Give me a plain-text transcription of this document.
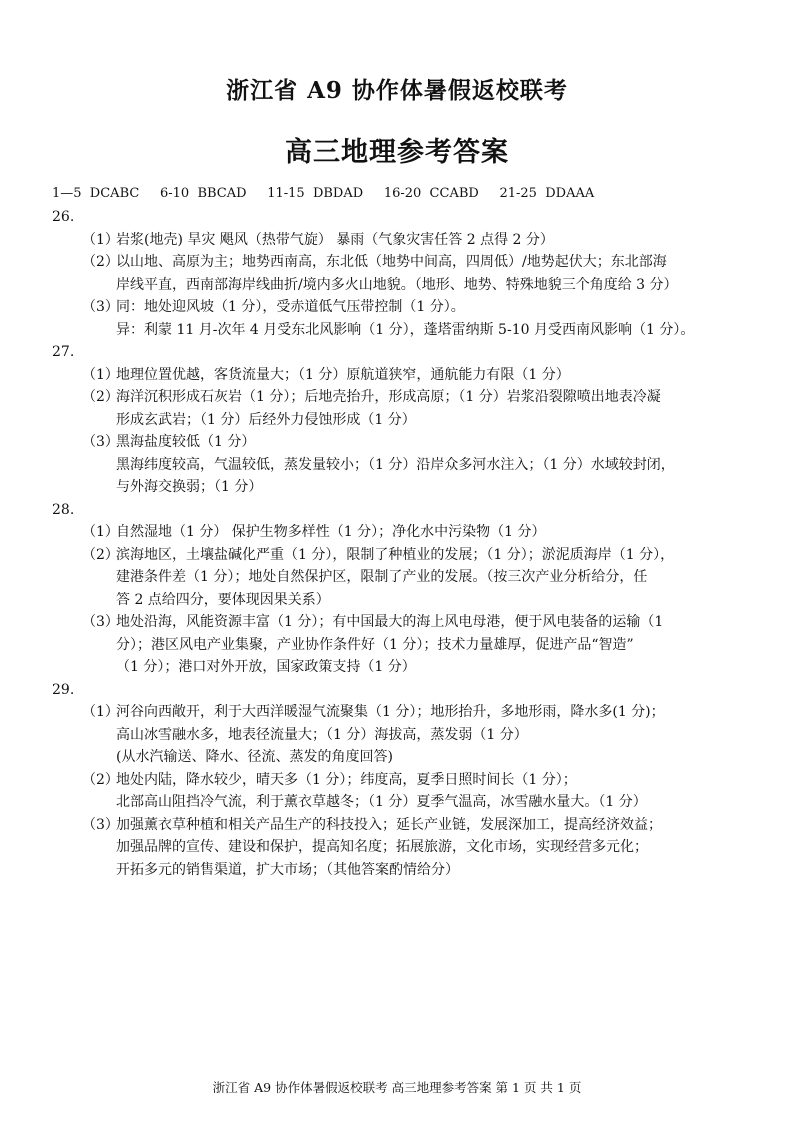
浙江省 A9 协作体暑假返校联考
高三地理参考答案
1—5  DCABC     6-10  BBCAD     11-15  DBDAD     16-20  CCABD     21-25  DDAAA
26.
（1）岩浆(地壳) 旱灾 飓风（热带气旋） 暴雨（气象灾害任答 2 点得 2 分）
（2）以山地、高原为主；地势西南高，东北低（地势中间高，四周低）/地势起伏大；东北部海
岸线平直，西南部海岸线曲折/境内多火山地貌。（地形、地势、特殊地貌三个角度给 3 分）
（3）同：地处迎风坡（1 分），受赤道低气压带控制（1 分）。
异：利蒙 11 月-次年 4 月受东北风影响（1 分），蓬塔雷纳斯 5-10 月受西南风影响（1 分）。
27.
（1）地理位置优越，客货流量大；（1 分）原航道狭窄，通航能力有限（1 分）
（2）海洋沉积形成石灰岩（1 分）；后地壳抬升，形成高原；（1 分）岩浆沿裂隙喷出地表冷凝
形成玄武岩；（1 分）后经外力侵蚀形成（1 分）
（3）黑海盐度较低（1 分）
黑海纬度较高，气温较低，蒸发量较小；（1 分）沿岸众多河水注入；（1 分）水域较封闭，
与外海交换弱；（1 分）
28.
（1）自然湿地（1 分） 保护生物多样性（1 分）；净化水中污染物（1 分）
（2）滨海地区，土壤盐碱化严重（1 分），限制了种植业的发展；（1 分）；淤泥质海岸（1 分），
建港条件差（1 分）；地处自然保护区，限制了产业的发展。（按三次产业分析给分，任
答 2 点给四分，要体现因果关系）
（3）地处沿海，风能资源丰富（1 分）；有中国最大的海上风电母港，便于风电装备的运输（1
分）；港区风电产业集聚，产业协作条件好（1 分）；技术力量雄厚，促进产品“智造”
（1 分）；港口对外开放，国家政策支持（1 分）
29.
（1）河谷向西敞开，利于大西洋暖湿气流聚集（1 分）；地形抬升，多地形雨，降水多(1 分)；
高山冰雪融水多，地表径流量大；（1 分）海拔高，蒸发弱（1 分）
(从水汽输送、降水、径流、蒸发的角度回答)
（2）地处内陆，降水较少，晴天多（1 分）；纬度高，夏季日照时间长（1 分）；
北部高山阻挡冷气流，利于薰衣草越冬；（1 分）夏季气温高，冰雪融水量大。（1 分）
（3）加强薰衣草种植和相关产品生产的科技投入；延长产业链，发展深加工，提高经济效益；
加强品牌的宣传、建设和保护，提高知名度；拓展旅游，文化市场，实现经营多元化；
开拓多元的销售渠道，扩大市场；（其他答案酌情给分）
浙江省 A9 协作体暑假返校联考 高三地理参考答案 第 1 页 共 1 页
